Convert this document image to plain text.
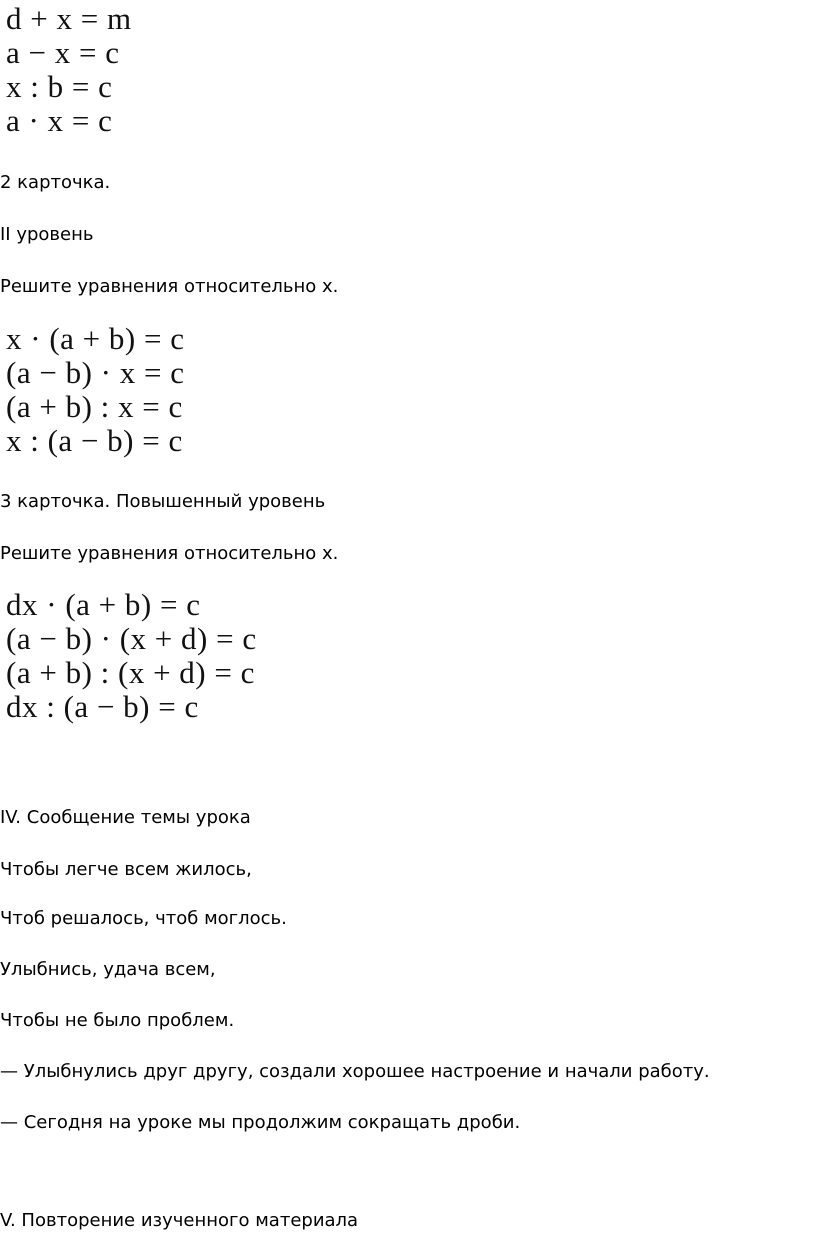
d + x = m
a − x = c
x : b = c
a · x = c
2 карточка.
II уровень
Решите уравнения относительно x.
x · (a + b) = c
(a − b) · x = c
(a + b) : x = c
x : (a − b) = c
3 карточка. Повышенный уровень
Решите уравнения относительно x.
dx · (a + b) = c
(a − b) · (x + d) = c
(a + b) : (x + d) = c
dx : (a − b) = c
IV. Сообщение темы урока
Чтобы легче всем жилось,
Чтоб решалось, чтоб моглось.
Улыбнись, удача всем,
Чтобы не было проблем.
— Улыбнулись друг другу, создали хорошее настроение и начали работу.
— Сегодня на уроке мы продолжим сокращать дроби.
V. Повторение изученного материала
